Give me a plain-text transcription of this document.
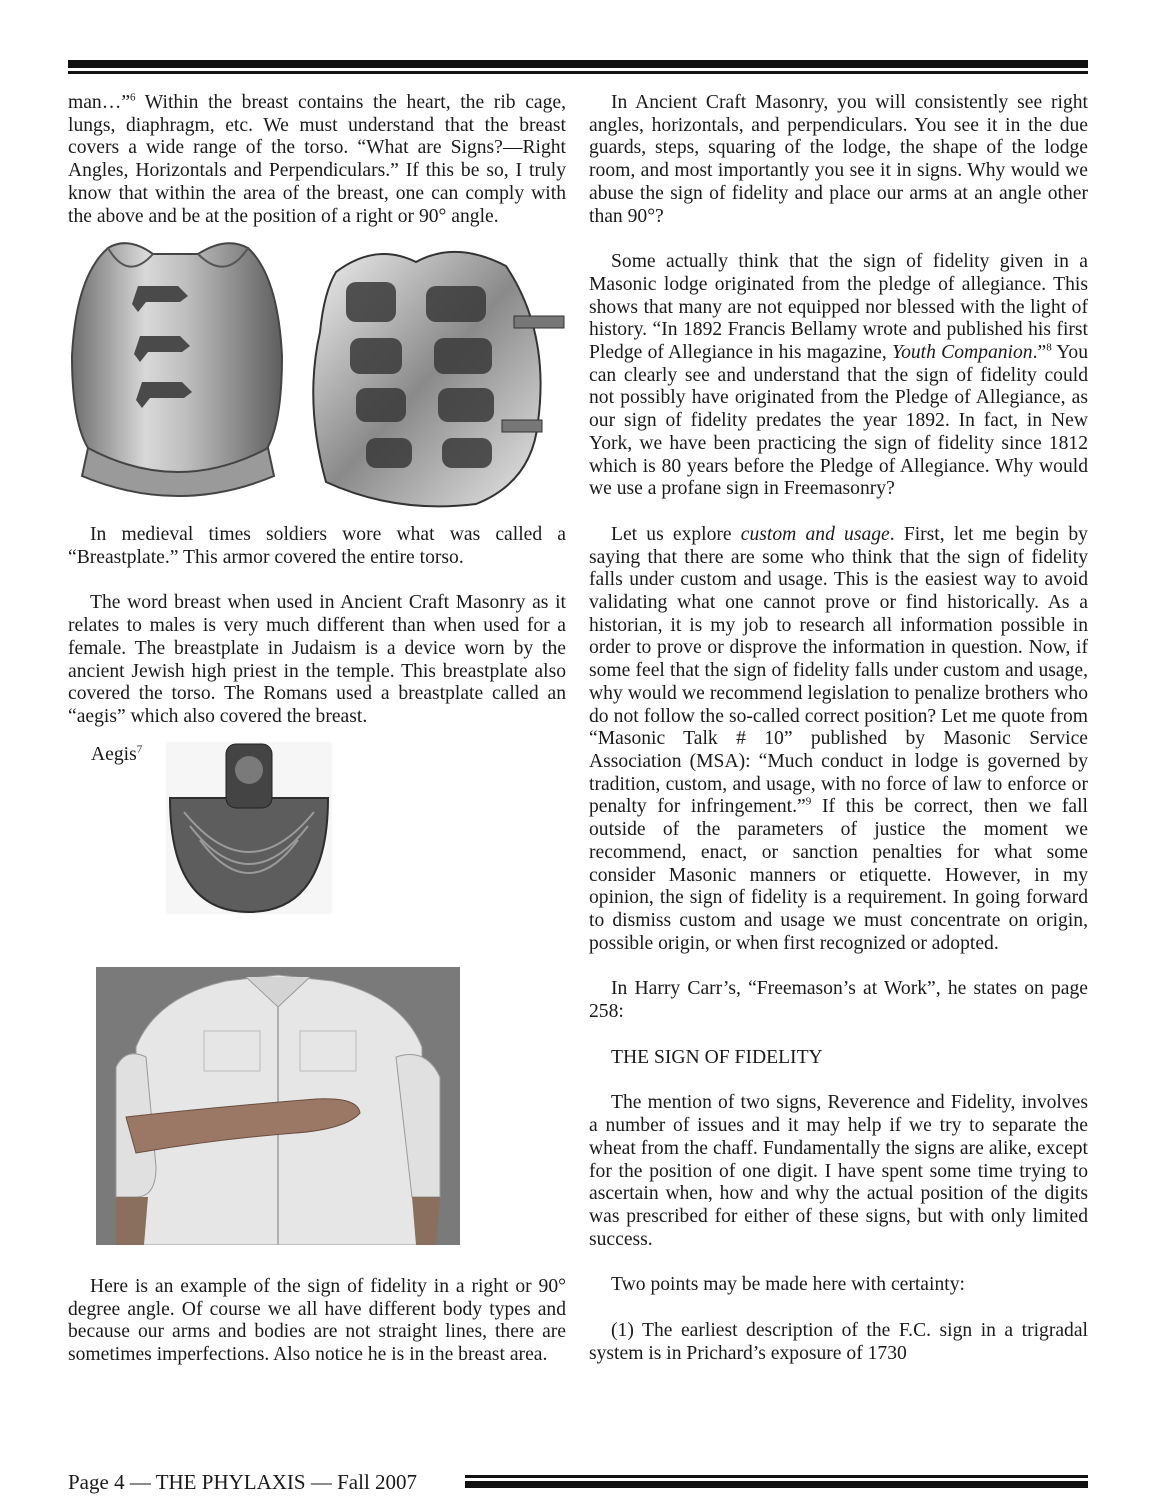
man…”$^6$ Within the breast contains the heart, the rib cage, lungs, diaphragm, etc. We must understand that the breast covers a wide range of the torso. “What are Signs?—Right Angles, Horizontals and Perpendiculars.” If this be so, I truly know that within the area of the breast, one can comply with the above and be at the position of a right or 90° angle.

In medieval times soldiers wore what was called a “Breastplate.” This armor covered the entire torso.

The word breast when used in Ancient Craft Masonry as it relates to males is very much different than when used for a female. The breastplate in Judaism is a device worn by the ancient Jewish high priest in the temple. This breastplate also covered the torso. The Romans used a breastplate called an “aegis” which also covered the breast.

Aegis$^7$

Here is an example of the sign of fidelity in a right or 90° degree angle. Of course we all have different body types and because our arms and bodies are not straight lines, there are sometimes imperfections. Also notice he is in the breast area.

In Ancient Craft Masonry, you will consistently see right angles, horizontals, and perpendiculars. You see it in the due guards, steps, squaring of the lodge, the shape of the lodge room, and most importantly you see it in signs. Why would we abuse the sign of fidelity and place our arms at an angle other than 90°?

Some actually think that the sign of fidelity given in a Masonic lodge originated from the pledge of allegiance. This shows that many are not equipped nor blessed with the light of history. “In 1892 Francis Bellamy wrote and published his first Pledge of Allegiance in his magazine, Youth Companion.”$^8$ You can clearly see and understand that the sign of fidelity could not possibly have originated from the Pledge of Allegiance, as our sign of fidelity predates the year 1892. In fact, in New York, we have been practicing the sign of fidelity since 1812 which is 80 years before the Pledge of Allegiance. Why would we use a profane sign in Freemasonry?

Let us explore custom and usage. First, let me begin by saying that there are some who think that the sign of fidelity falls under custom and usage. This is the easiest way to avoid validating what one cannot prove or find historically. As a historian, it is my job to research all information possible in order to prove or disprove the information in question. Now, if some feel that the sign of fidelity falls under custom and usage, why would we recommend legislation to penalize brothers who do not follow the so-called correct position? Let me quote from “Masonic Talk # 10” published by Masonic Service Association (MSA): “Much conduct in lodge is governed by tradition, custom, and usage, with no force of law to enforce or penalty for infringement.”$^9$ If this be correct, then we fall outside of the parameters of justice the moment we recommend, enact, or sanction penalties for what some consider Masonic manners or etiquette. However, in my opinion, the sign of fidelity is a requirement. In going forward to dismiss custom and usage we must concentrate on origin, possible origin, or when first recognized or adopted.

In Harry Carr’s, “Freemason’s at Work”, he states on page 258:

THE SIGN OF FIDELITY

The mention of two signs, Reverence and Fidelity, involves a number of issues and it may help if we try to separate the wheat from the chaff. Fundamentally the signs are alike, except for the position of one digit. I have spent some time trying to ascertain when, how and why the actual position of the digits was prescribed for either of these signs, but with only limited success.

Two points may be made here with certainty:

(1) The earliest description of the F.C. sign in a trigradal system is in Prichard’s exposure of 1730

Page 4 — THE PHYLAXIS — Fall 2007
